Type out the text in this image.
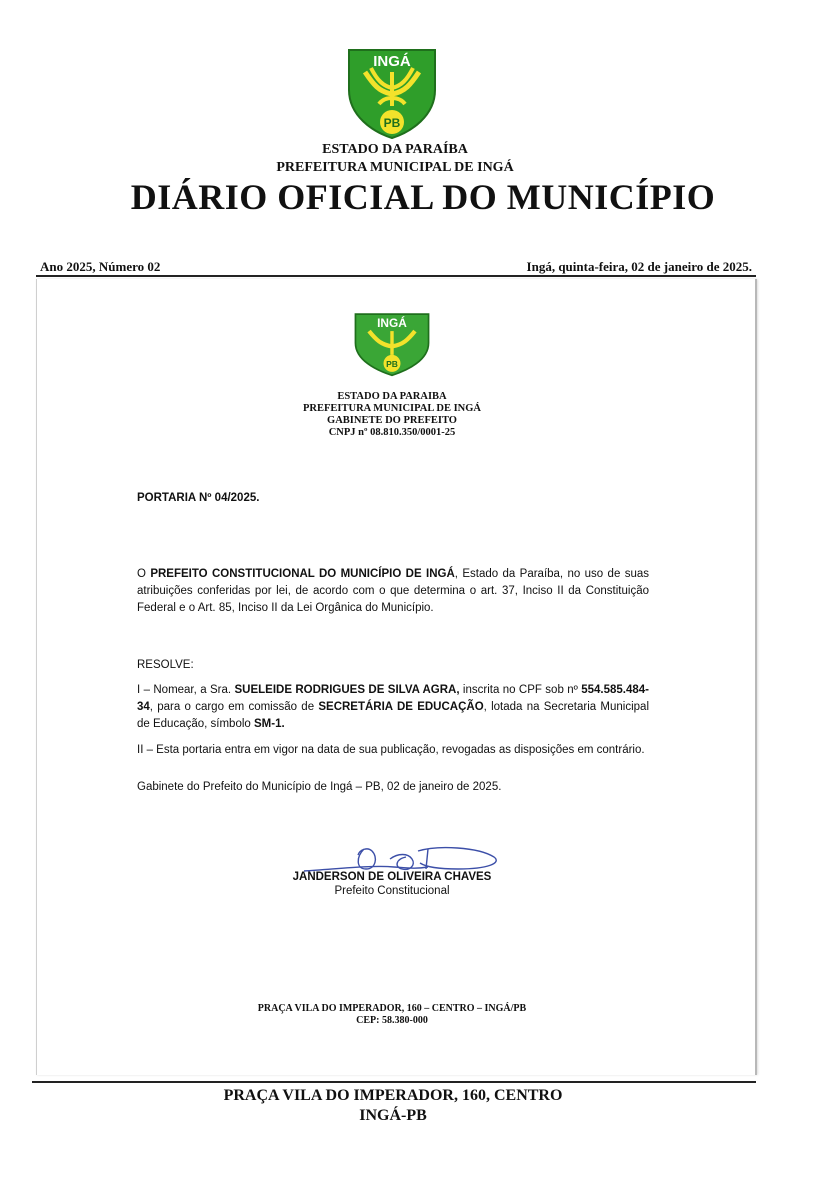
INGÁ
PB
ESTADO DA PARAÍBA
PREFEITURA MUNICIPAL DE INGÁ
DIÁRIO OFICIAL DO MUNICÍPIO
Ano 2025, Número 02	Ingá, quinta-feira, 02 de janeiro de 2025.
INGÁ
PB
ESTADO DA PARAIBA
PREFEITURA MUNICIPAL DE INGÁ
GABINETE DO PREFEITO
CNPJ nº 08.810.350/0001-25
PORTARIA Nº 04/2025.
O PREFEITO CONSTITUCIONAL DO MUNICÍPIO DE INGÁ, Estado da Paraíba, no uso de suas atribuições conferidas por lei, de acordo com o que determina o art. 37, Inciso II da Constituição Federal e o Art. 85, Inciso II da Lei Orgânica do Município.
RESOLVE:
I – Nomear, a Sra. SUELEIDE RODRIGUES DE SILVA AGRA, inscrita no CPF sob nº 554.585.484-34, para o cargo em comissão de SECRETÁRIA DE EDUCAÇÃO, lotada na Secretaria Municipal de Educação, símbolo SM-1.
II – Esta portaria entra em vigor na data de sua publicação, revogadas as disposições em contrário.
Gabinete do Prefeito do Município de Ingá – PB, 02 de janeiro de 2025.
JANDERSON DE OLIVEIRA CHAVES
Prefeito Constitucional
PRAÇA VILA DO IMPERADOR, 160 – CENTRO – INGÁ/PB
CEP: 58.380-000
PRAÇA VILA DO IMPERADOR, 160, CENTRO
INGÁ-PB
